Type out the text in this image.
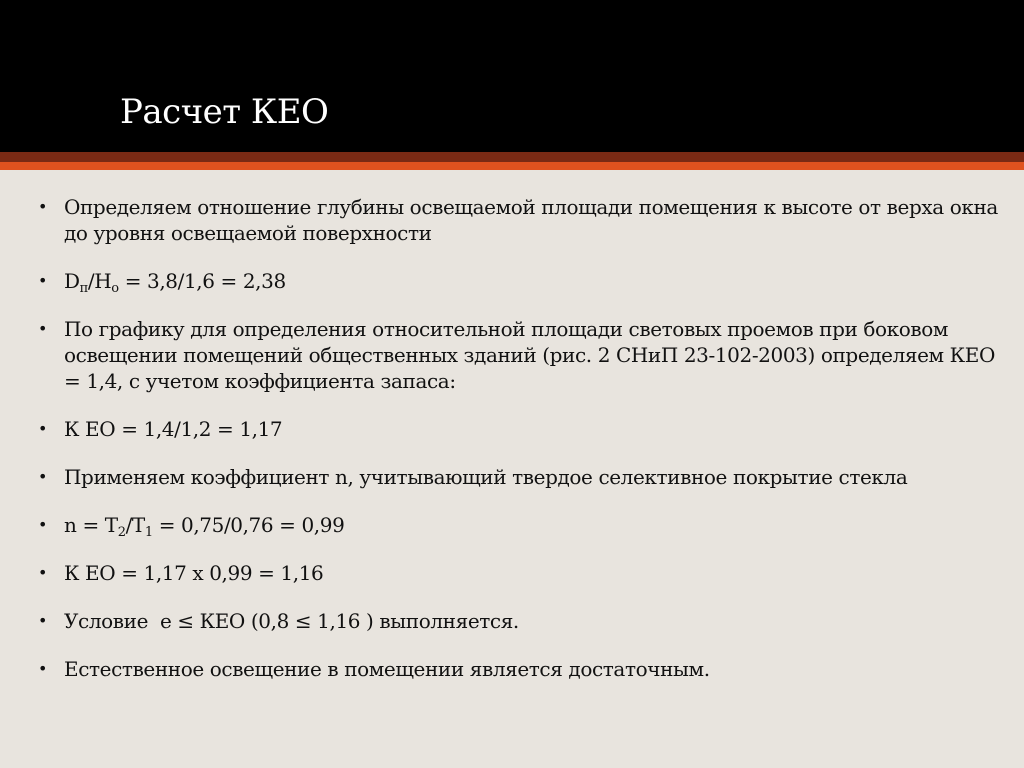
Расчет КЕО
• Определяем отношение глубины освещаемой площади помещения к высоте от верха окна до уровня освещаемой поверхности
• $D_п/H_о = 3,8/1,6 = 2,38$
• По графику для определения относительной площади световых проемов при боковом освещении помещений общественных зданий (рис. 2 СНиП 23-102-2003) определяем КЕО = 1,4, с учетом коэффициента запаса:
• К ЕО = 1,4/1,2 = 1,17
• Применяем коэффициент n, учитывающий твердое селективное покрытие стекла
• $n = T_2/T_1 = 0,75/0,76 = 0,99$
• К ЕО = 1,17 х 0,99 = 1,16
• Условие  е ≤ КЕО (0,8 ≤ 1,16 ) выполняется.
• Естественное освещение в помещении является достаточным.
